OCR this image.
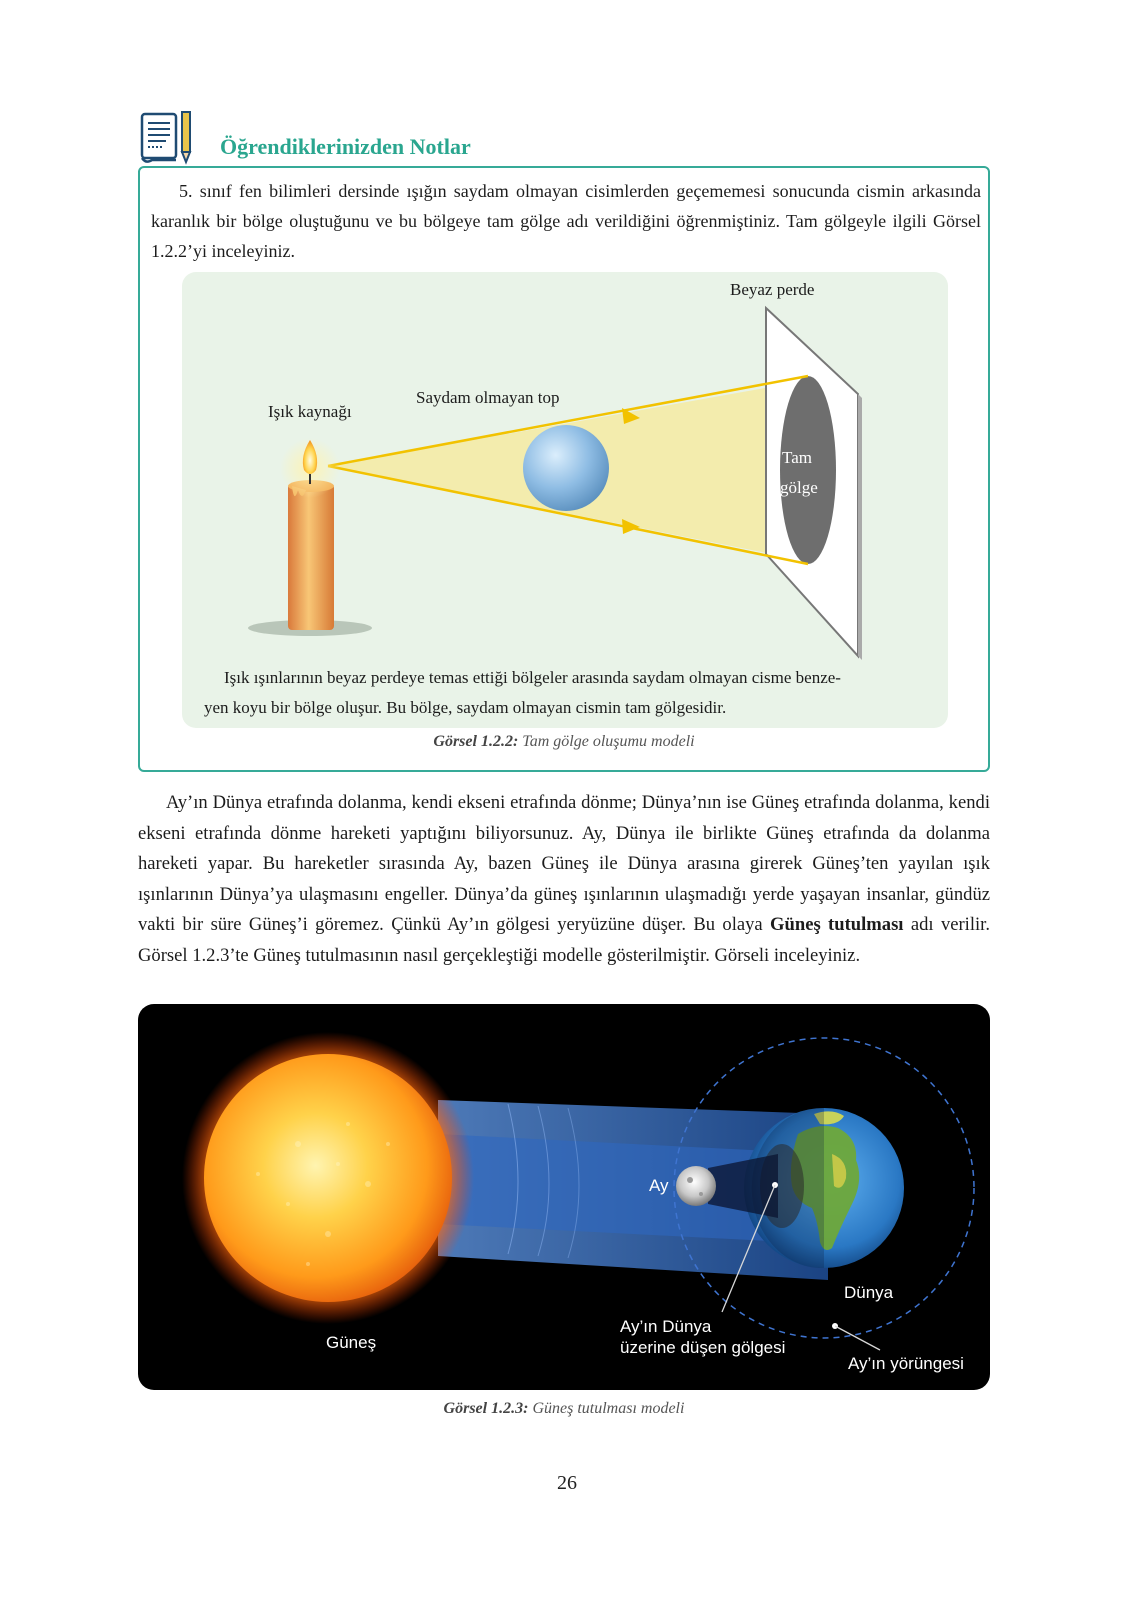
Öğrendiklerinizden Notlar

5. sınıf fen bilimleri dersinde ışığın saydam olmayan cisimlerden geçememesi sonucunda cismin arkasında karanlık bir bölge oluştuğunu ve bu bölgeye tam gölge adı verildiğini öğrenmiştiniz. Tam gölgeyle ilgili Görsel 1.2.2’yi inceleyiniz.

Beyaz perde
Işık kaynağı
Saydam olmayan top
Tam
gölge
Işık ışınlarının beyaz perdeye temas ettiği bölgeler arasında saydam olmayan cisme benze-
yen koyu bir bölge oluşur. Bu bölge, saydam olmayan cismin tam gölgesidir.
Görsel 1.2.2: Tam gölge oluşumu modeli

Ay’ın Dünya etrafında dolanma, kendi ekseni etrafında dönme; Dünya’nın ise Güneş etrafında dolanma, kendi ekseni etrafında dönme hareketi yaptığını biliyorsunuz. Ay, Dünya ile birlikte Güneş etrafında da dolanma hareketi yapar. Bu hareketler sırasında Ay, bazen Güneş ile Dünya arasına girerek Güneş’ten yayılan ışık ışınlarının Dünya’ya ulaşmasını engeller. Dünya’da güneş ışınlarının ulaşmadığı yerde yaşayan insanlar, gündüz vakti bir süre Güneş’i göremez. Çünkü Ay’ın gölgesi yeryüzüne düşer. Bu olaya Güneş tutulması adı verilir. Görsel 1.2.3’te Güneş tutulmasının nasıl gerçekleştiği modelle gösterilmiştir. Görseli inceleyiniz.

Ay
Dünya
Güneş
Ay’ın Dünya
üzerine düşen gölgesi
Ay’ın yörüngesi
Görsel 1.2.3: Güneş tutulması modeli
26
